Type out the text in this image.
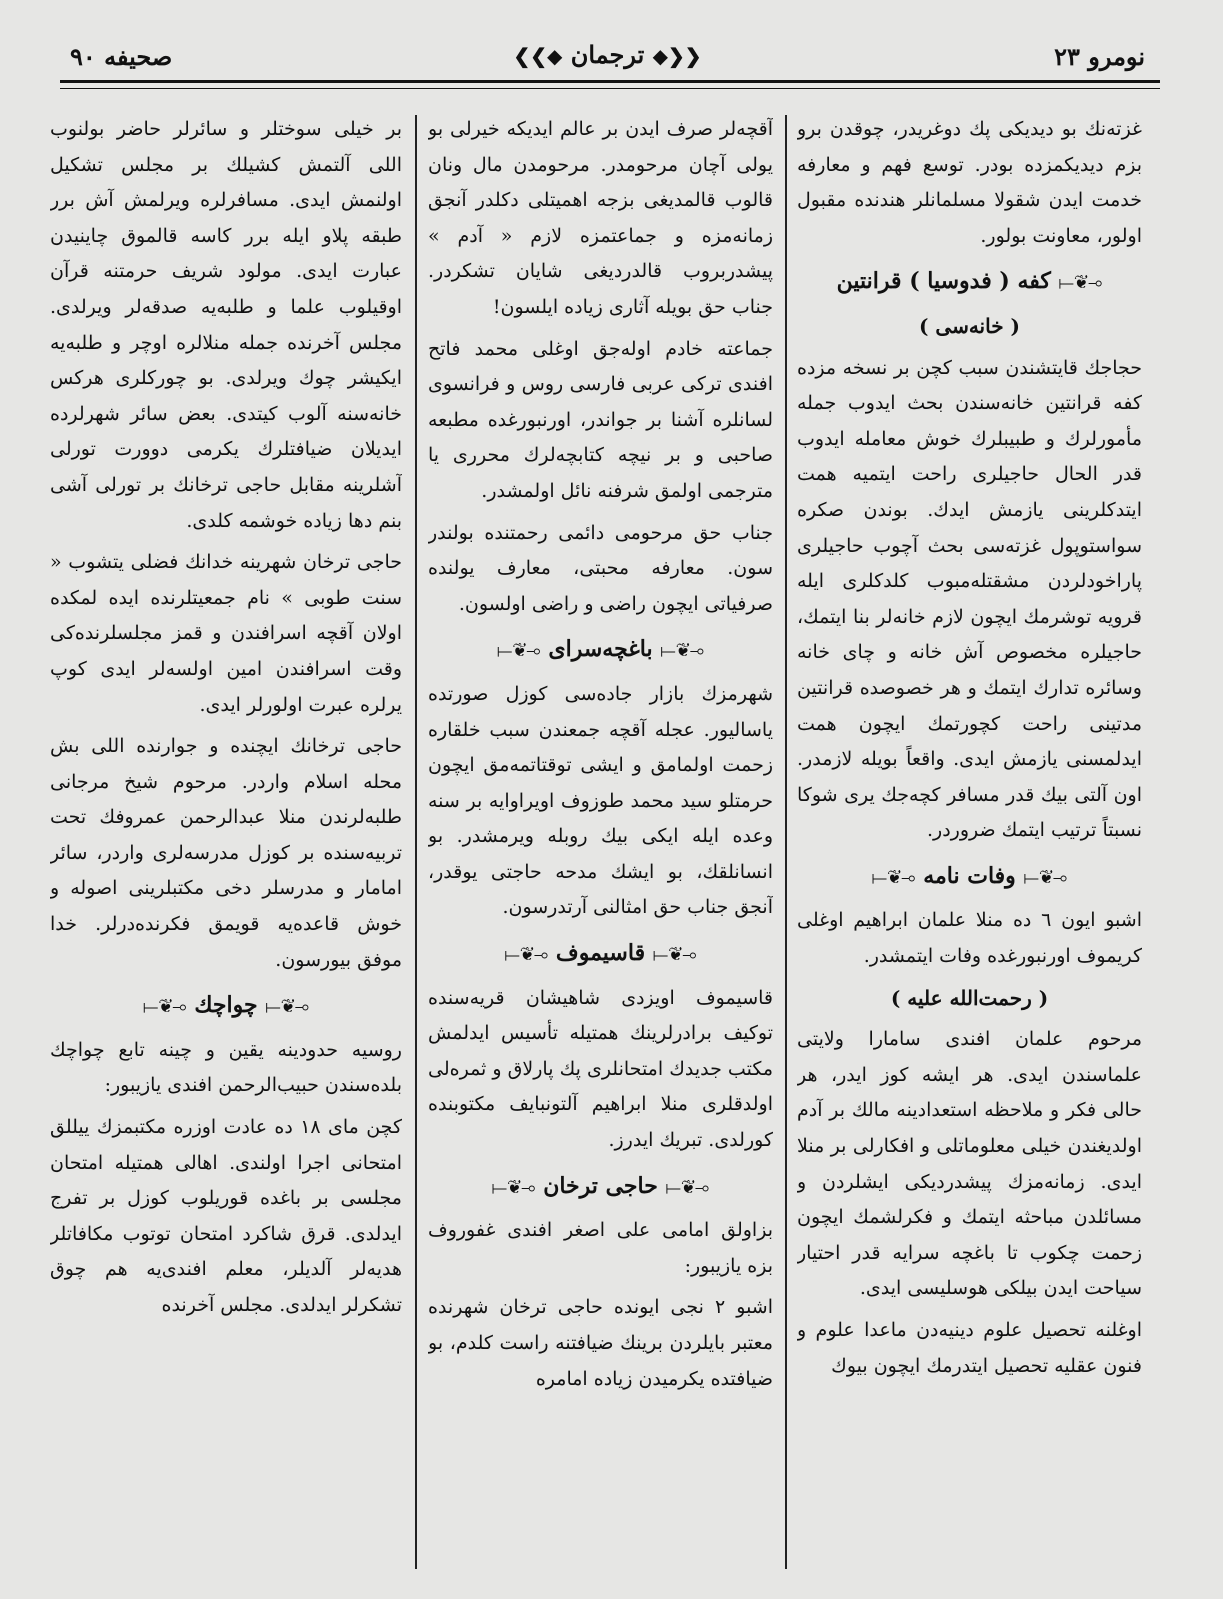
صحیفه ۹۰	❮❮◆ ترجمان ◆❯❯	نومرو ۲۳

غزته‌نك بو دیدیکی پك دوغریدر، چوقدن برو بزم دیدیکمزده بودر. توسع فهم و معارفه خدمت ایدن شقولا مسلمانلر هندنده مقبول اولور، معاونت بولور.

⟜❦⟞ کفه ( فدوسیا ) قرانتین
( خانه‌سی )

حجاجك قایتشندن سبب کچن بر نسخه مزده کفه قرانتین خانه‌سندن بحث ایدوب جمله مأمورلرك و طبیبلرك خوش معامله ایدوب قدر الحال حاجیلری راحت ایتمیه همت ایتدکلرینی یازمش ایدك. بوندن صکره سواستوپول غزته‌سی بحث آچوب حاجیلری پاراخودلردن مشقتله‌مبوب کلدکلری ایله قرویه توشرمك ایچون لازم خانه‌لر بنا ایتمك، حاجیلره مخصوص آش خانه و چای خانه وسائره تدارك ایتمك و هر خصوصده قرانتین مدتینی راحت کچورتمك ایچون همت ایدلمسنی یازمش ایدی. واقعاً بویله لازمدر. اون آلتی بیك قدر مسافر کچه‌جك یری شوکا نسبتاً ترتیب ایتمك ضروردر.

⟜❦⟞ وفات نامه ⟜❦⟞

اشبو ایون ٦ ده منلا علمان ابراهیم اوغلی کریموف اورنبورغده وفات ایتمشدر.

( رحمت‌الله علیه )

مرحوم علمان افندی سامارا ولایتی علماسندن ایدی. هر ایشه کوز ایدر، هر حالی فکر و ملاحظه استعدادینه مالك بر آدم اولدیغندن خیلی معلوماتلی و افکارلی بر منلا ایدی. زمانه‌مزك پیشدردیکی ایشلردن و مسائلدن مباحثه ایتمك و فکرلشمك ایچون زحمت چکوب تا باغچه سرایه قدر احتیار سیاحت ایدن بیلکی هوسلیسی ایدی.

اوغلنه تحصیل علوم دینیه‌دن ماعدا علوم و فنون عقلیه تحصیل ایتدرمك ایچون بیوك

آقچه‌لر صرف ایدن بر عالم ایدیکه خیرلی بو یولی آچان مرحومدر. مرحومدن مال ونان قالوب قالمدیغی بزجه اهمیتلی دکلدر آنجق زمانه‌مزه و جماعتمزه لازم « آدم » پیشدربروب قالدردیغی شایان تشکردر. جناب حق بویله آثاری زیاده ایلسون!

جماعته خادم اوله‌جق اوغلی محمد فاتح افندی ترکی عربی فارسی روس و فرانسوی لسانلره آشنا بر جواندر، اورنبورغده مطبعه صاحبی و بر نیچه کتابچه‌لرك محرری یا مترجمی اولمق شرفنه نائل اولمشدر.

جناب حق مرحومی دائمی رحمتنده بولندر سون. معارفه محبتی، معارف یولنده صرفیاتی ایچون راضی و راضی اولسون.

⟜❦⟞ باغچه‌سرای ⟜❦⟞

شهرمزك بازار جاده‌سی کوزل صورتده یاسالیور. عجله آقچه جمعندن سبب خلقاره زحمت اولمامق و ایشی توقتاتمه‌مق ایچون حرمتلو سید محمد طوزوف اویراوایه بر سنه وعده ایله ایکی بیك روبله ویرمشدر. بو انسانلقك، بو ایشك مدحه حاجتی یوقدر، آنجق جناب حق امثالنی آرتدرسون.

⟜❦⟞ قاسیموف ⟜❦⟞

قاسیموف اویزدی شاهیشان قریه‌سنده توکیف برادرلرینك همتیله تأسیس ایدلمش مکتب جدیدك امتحانلری پك پارلاق و ثمره‌لی اولدقلری منلا ابراهیم آلتونبایف مکتوبنده کورلدی. تبریك ایدرز.

⟜❦⟞ حاجی ترخان ⟜❦⟞

بزاولق امامی علی اصغر افندی غفوروف بزه یازیبور:

اشبو ۲ نجی ایونده حاجی ترخان شهرنده معتبر بایلردن برینك ضیافتنه راست کلدم، بو ضیافتده یکرمیدن زیاده امامره

بر خیلی سوختلر و سائرلر حاضر بولنوب اللی آلتمش کشیلك بر مجلس تشکیل اولنمش ایدی. مسافرلره ویرلمش آش برر طبقه پلاو ایله برر کاسه قالموق چاینیدن عبارت ایدی. مولود شریف حرمتنه قرآن اوقیلوب علما و طلبه‌یه صدقه‌لر ویرلدی. مجلس آخرنده جمله منلالره اوچر و طلبه‌یه ایکیشر چوك ویرلدی. بو چورکلری هرکس خانه‌سنه آلوب کیتدی. بعض سائر شهرلرده ایدیلان ضیافتلرك یکرمی دوورت تورلی آشلرینه مقابل حاجی ترخانك بر تورلی آشی بنم دها زیاده خوشمه کلدی.

حاجی ترخان شهرینه خدانك فضلی یتشوب « سنت طوبی » نام جمعیتلرنده ایده لمکده اولان آقچه اسرافندن و قمز مجلسلرنده‌کی وقت اسرافندن امین اولسه‌لر ایدی کوپ یرلره عبرت اولورلر ایدی.

حاجی ترخانك ایچنده و جوارنده اللی بش محله اسلام واردر. مرحوم شیخ مرجانی طلبه‌لرندن منلا عبدالرحمن عمروفك تحت تربیه‌سنده بر کوزل مدرسه‌لری واردر، سائر امامار و مدرسلر دخی مکتبلرینی اصوله و خوش قاعده‌یه قویمق فکرنده‌درلر. خدا موفق بیورسون.

⟜❦⟞ چواچك ⟜❦⟞

روسیه حدودینه یقین و چینه تابع چواچك بلده‌سندن حبیب‌الرحمن افندی یازیبور:

کچن مای ۱۸ ده عادت اوزره مکتبمزك ییللق امتحانی اجرا اولندی. اهالی همتیله امتحان مجلسی بر باغده قوریلوب کوزل بر تفرج ایدلدی. قرق شاکرد امتحان توتوب مکافاتلر هدیه‌لر آلدیلر، معلم افندی‌یه هم چوق تشکرلر ایدلدی. مجلس آخرنده
